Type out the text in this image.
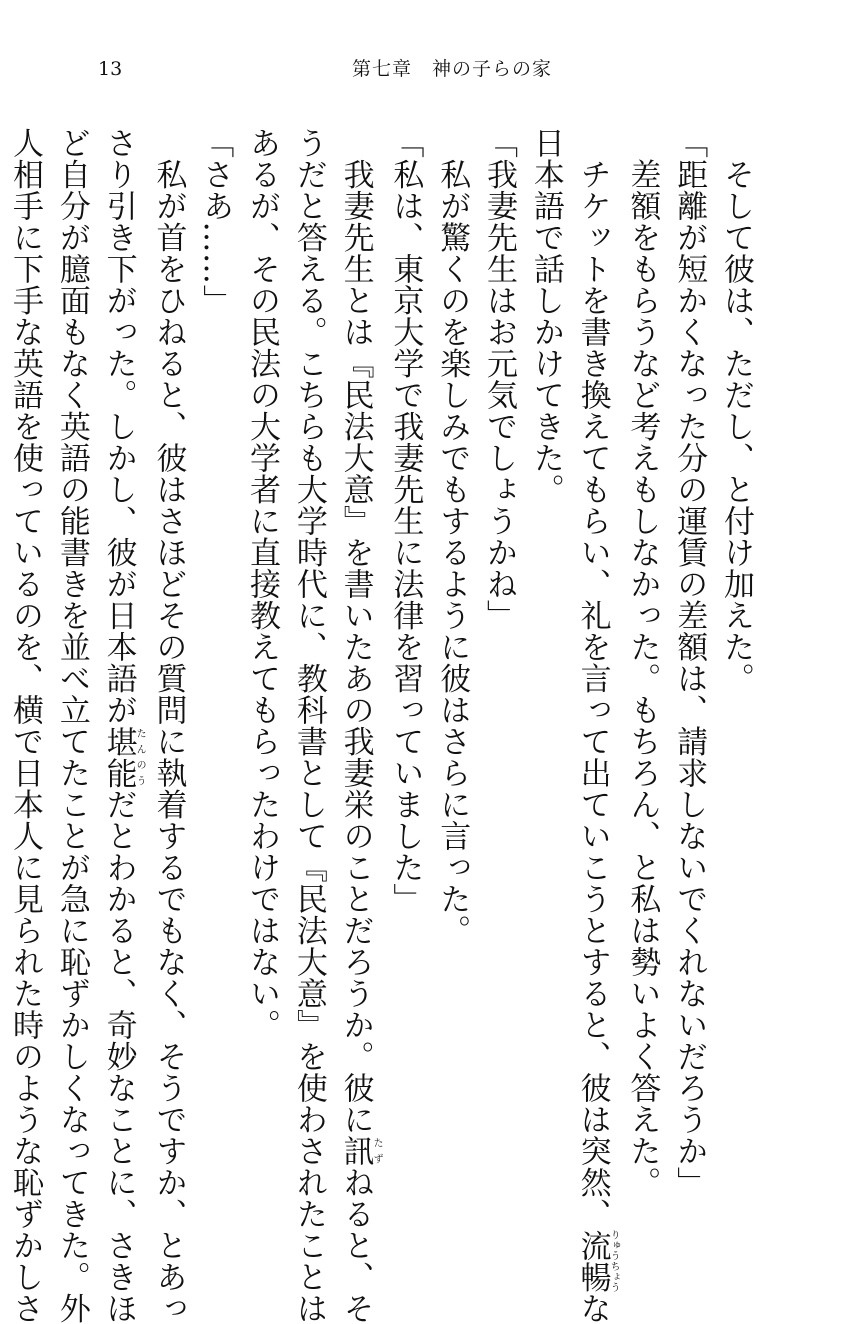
13	第七章　神の子らの家

　そして彼は、ただし、と付け加えた。

「距離が短かくなった分の運賃の差額は、請求しないでくれないだろうか」

　差額をもらうなど考えもしなかった。もちろん、と私は勢いよく答えた。

　チケットを書き換えてもらい、礼を言って出ていこうとすると、彼は突然、流暢りゅうちょうな

日本語で話しかけてきた。

「我妻先生はお元気でしょうかね」

　私が驚くのを楽しみでもするように彼はさらに言った。

「私は、東京大学で我妻先生に法律を習っていました」

　我妻先生とは『民法大意』を書いたあの我妻栄のことだろうか。彼に訊たずねると、そ

うだと答える。こちらも大学時代に、教科書として『民法大意』を使わされたことは

あるが、その民法の大学者に直接教えてもらったわけではない。

「さあ……」

　私が首をひねると、彼はさほどその質問に執着するでもなく、そうですか、とあっ

さり引き下がった。しかし、彼が日本語が堪能たんのうだとわかると、奇妙なことに、さきほ

ど自分が臆面もなく英語の能書きを並べ立てたことが急に恥ずかしくなってきた。外

人相手に下手な英語を使っているのを、横で日本人に見られた時のような恥ずかしさ
